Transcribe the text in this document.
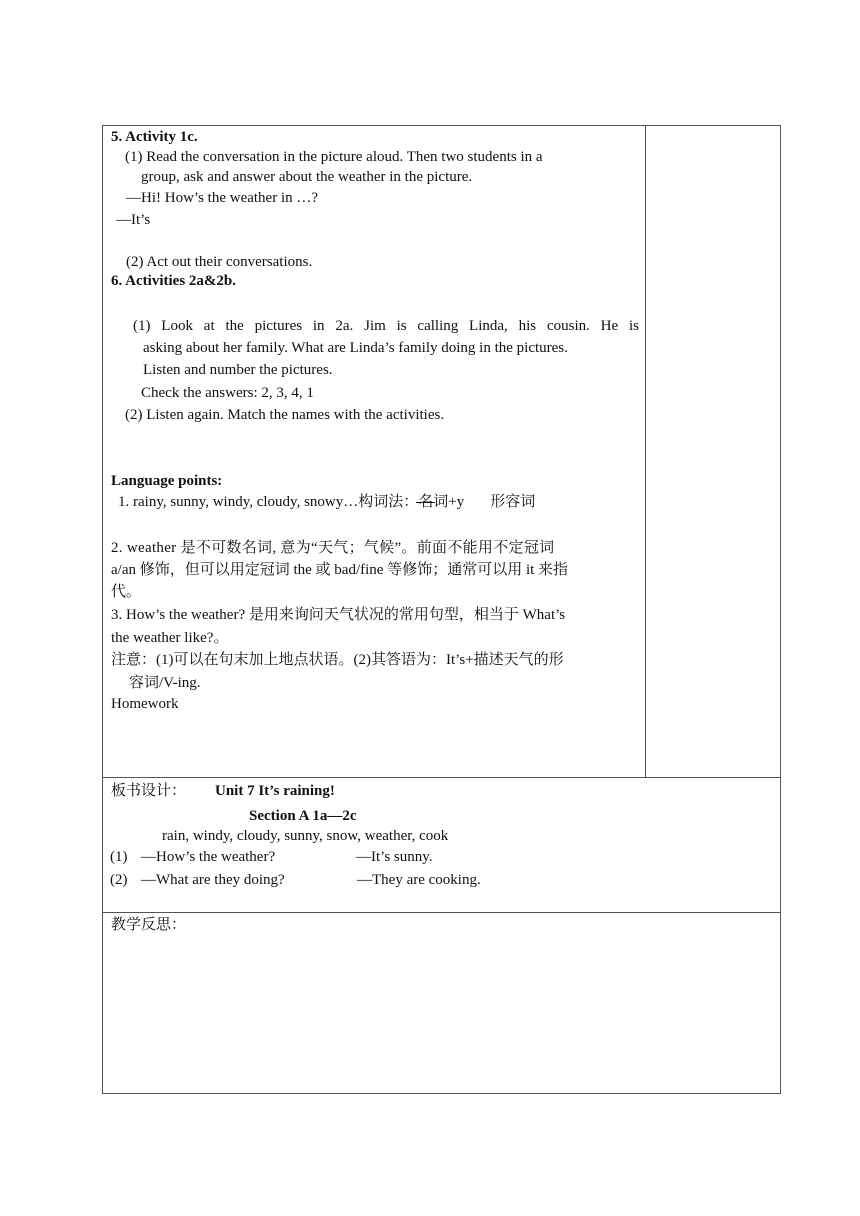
5. Activity 1c.
(1) Read the conversation in the picture aloud. Then two students in a
group, ask and answer about the weather in the picture.
—Hi! How’s the weather in …?
—It’s
(2) Act out their conversations.
6. Activities 2a&2b.
(1) Look at the pictures in 2a. Jim is calling Linda, his cousin. He is
asking about her family. What are Linda’s family doing in the pictures.
Listen and number the pictures.
Check the answers: 2, 3, 4, 1
(2) Listen again. Match the names with the activities.
Language points:
1. rainy, sunny, windy, cloudy, snowy…构词法：名词+y 形容词
2. weather 是不可数名词, 意为“天气；气候”。前面不能用不定冠词
a/an 修饰，但可以用定冠词 the 或 bad/fine 等修饰；通常可以用 it 来指
代。
3. How’s the weather? 是用来询问天气状况的常用句型，相当于 What’s
the weather like?。
注意：(1)可以在句末加上地点状语。(2)其答语为：It’s+描述天气的形
容词/V-ing.
Homework
板书设计： Unit 7 It’s raining!
Section A 1a—2c
rain, windy, cloudy, sunny, snow, weather, cook
(1) —How’s the weather?	—It’s sunny.
(2) —What are they doing?	—They are cooking.
教学反思：
